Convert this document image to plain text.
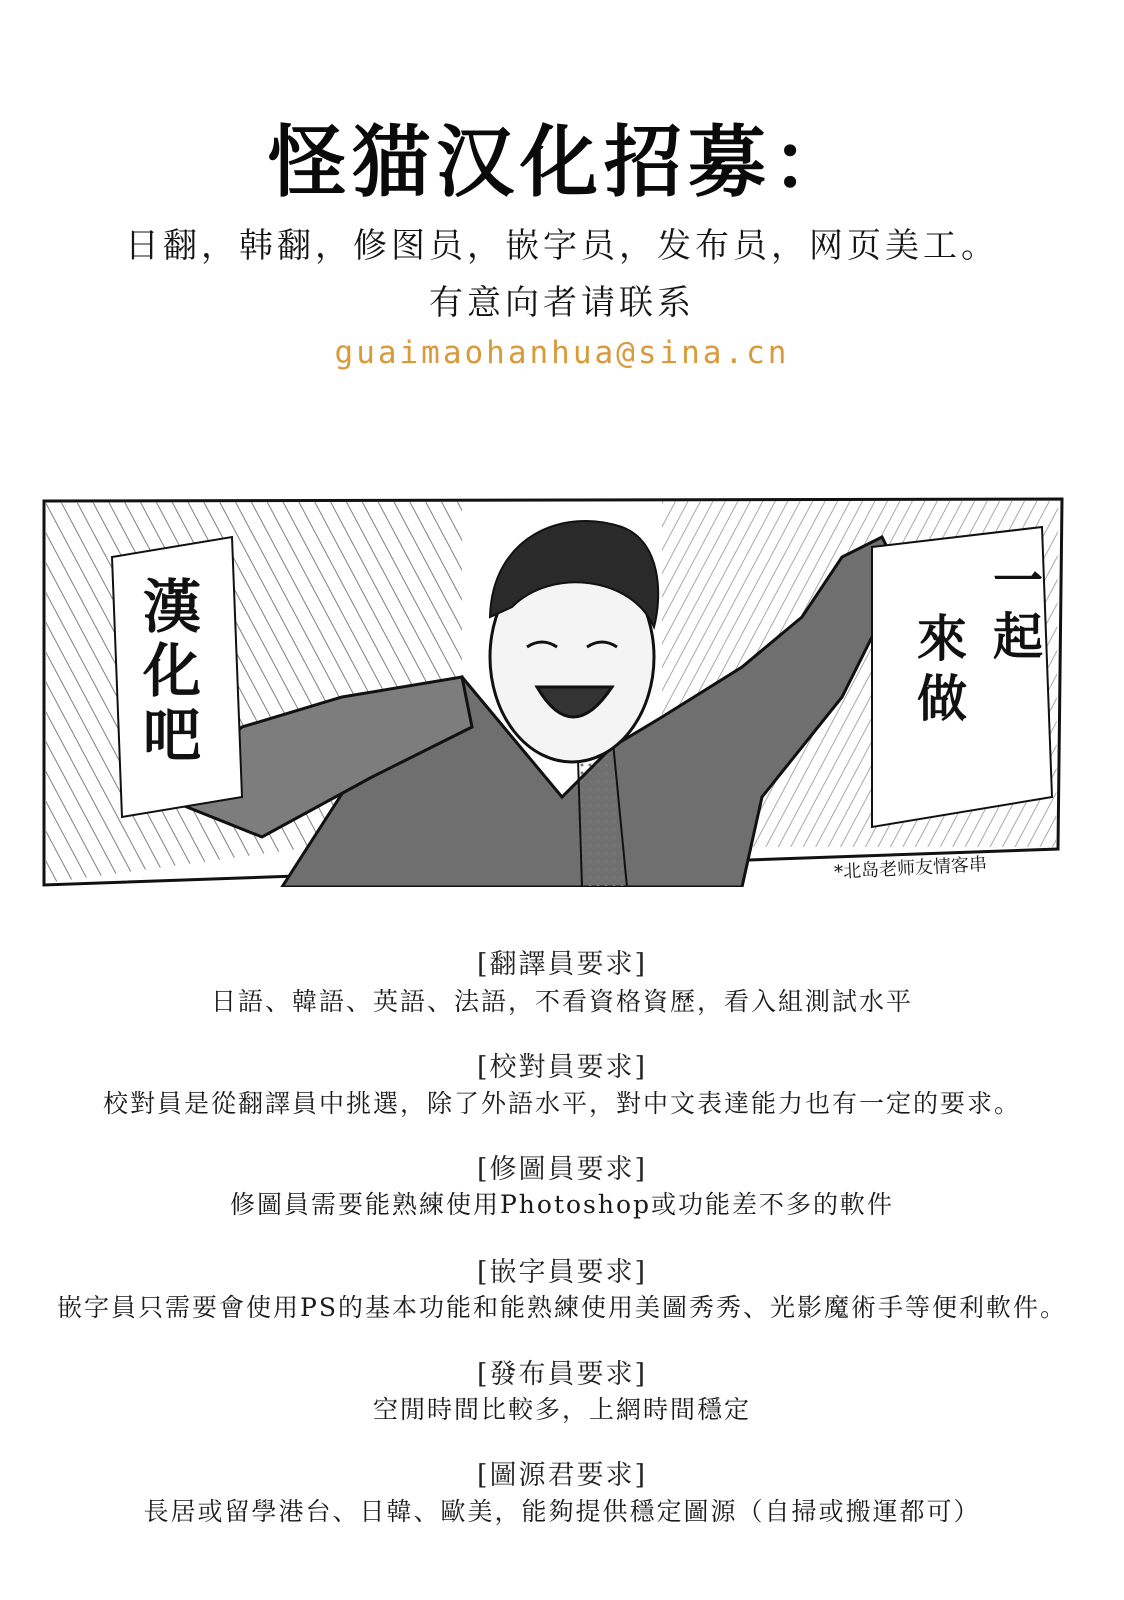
怪猫汉化招募：
日翻，韩翻，修图员，嵌字员，发布员，网页美工。
有意向者请联系
guaimaohanhua@sina.cn
漢
化
吧
一
起
來
做
*北岛老师友情客串
[翻譯員要求]
日語、韓語、英語、法語，不看資格資歷，看入組測試水平
[校對員要求]
校對員是從翻譯員中挑選，除了外語水平，對中文表達能力也有一定的要求。
[修圖員要求]
修圖員需要能熟練使用Photoshop或功能差不多的軟件
[嵌字員要求]
嵌字員只需要會使用PS的基本功能和能熟練使用美圖秀秀、光影魔術手等便利軟件。
[發布員要求]
空閒時間比較多，上網時間穩定
[圖源君要求]
長居或留學港台、日韓、歐美，能夠提供穩定圖源（自掃或搬運都可）
